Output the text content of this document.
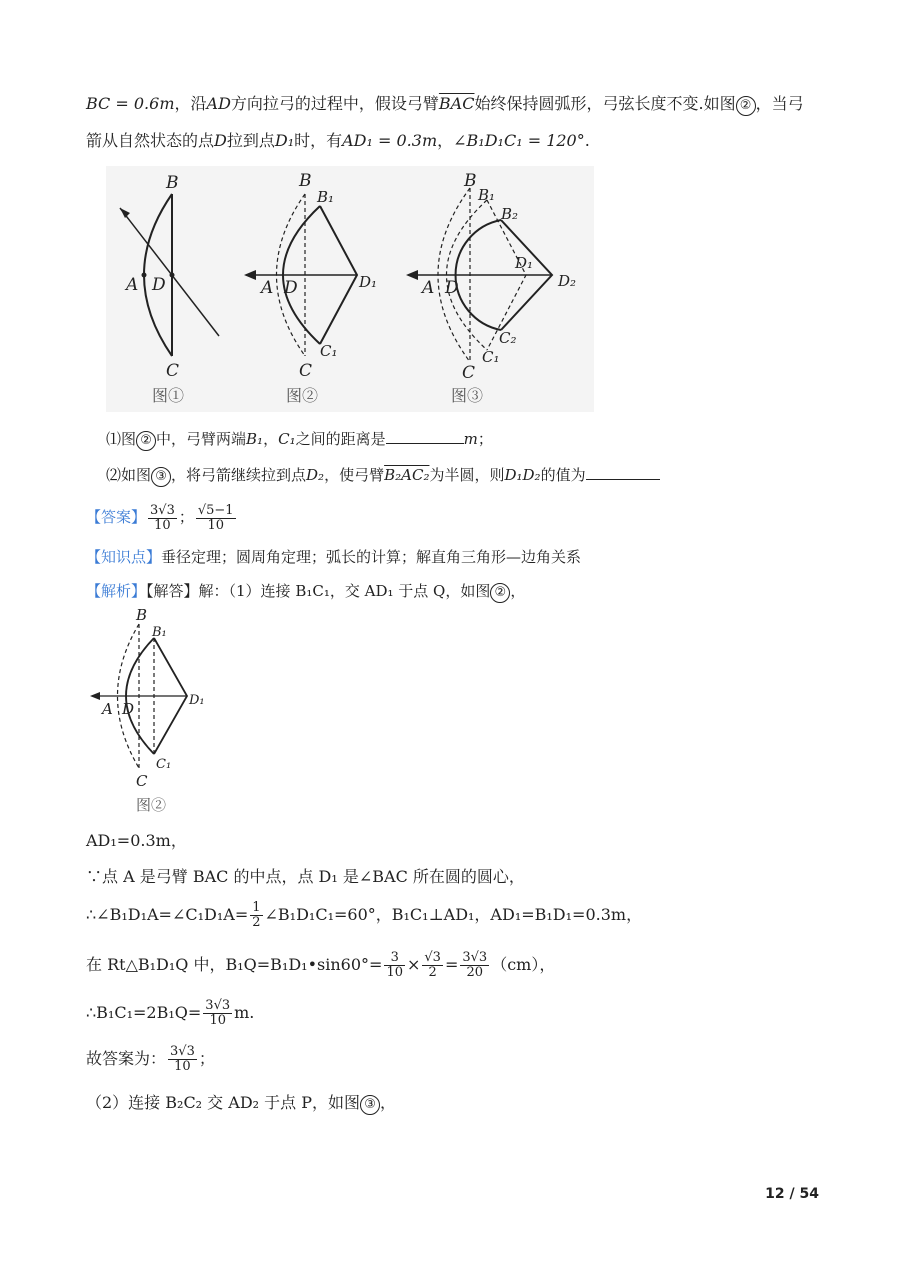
BC = 0.6m，沿AD方向拉弓的过程中，假设弓臂$\overline{BAC}$始终保持圆弧形，弓弦长度不变.如图 ② ，当弓
箭从自然状态的点D拉到点D₁时，有AD₁ = 0.3m，∠B₁D₁C₁ = 120°.
B
A D
C
图①
B
B₁
D₁
A D
C₁
C
图②
B
B₁
B₂
D₁
D₂
A D
C₂
C₁
C
图③
⑴图 ② 中，弓臂两端B₁，C₁之间的距离是	m；
⑵如图 ③ ，将弓箭继续拉到点D₂，使弓臂B₂AC₂为半圆，则D₁D₂的值为
【答案】 $\frac{3√3}{10}$ ； $\frac{√5-1}{10}$
【知识点】垂径定理；圆周角定理；弧长的计算；解直角三角形—边角关系
【解析】【解答】解：（1）连接 B₁C₁，交 AD₁ 于点 Q，如图 ② ，
B
B₁
D₁
A D
C₁
C
图②
AD₁=0.3m，
∵点 A 是弓臂 BAC 的中点，点 D₁ 是∠BAC 所在圆的圆心，
∴∠B₁D₁A=∠C₁D₁A= $\frac{1}{2}$ ∠B₁D₁C₁=60°，B₁C₁⊥AD₁，AD₁=B₁D₁=0.3m，
在 Rt△B₁D₁Q 中，B₁Q=B₁D₁•sin60°= $\frac{3}{10} \times \frac{√3}{2} = \frac{3√3}{20} (cm)$，
∴B₁C₁=2B₁Q= $\frac{3√3}{10} m$.
故答案为： $\frac{3√3}{10}$ ；
（2）连接 B₂C₂ 交 AD₂ 于点 P，如图 ③ ，
12 / 54
